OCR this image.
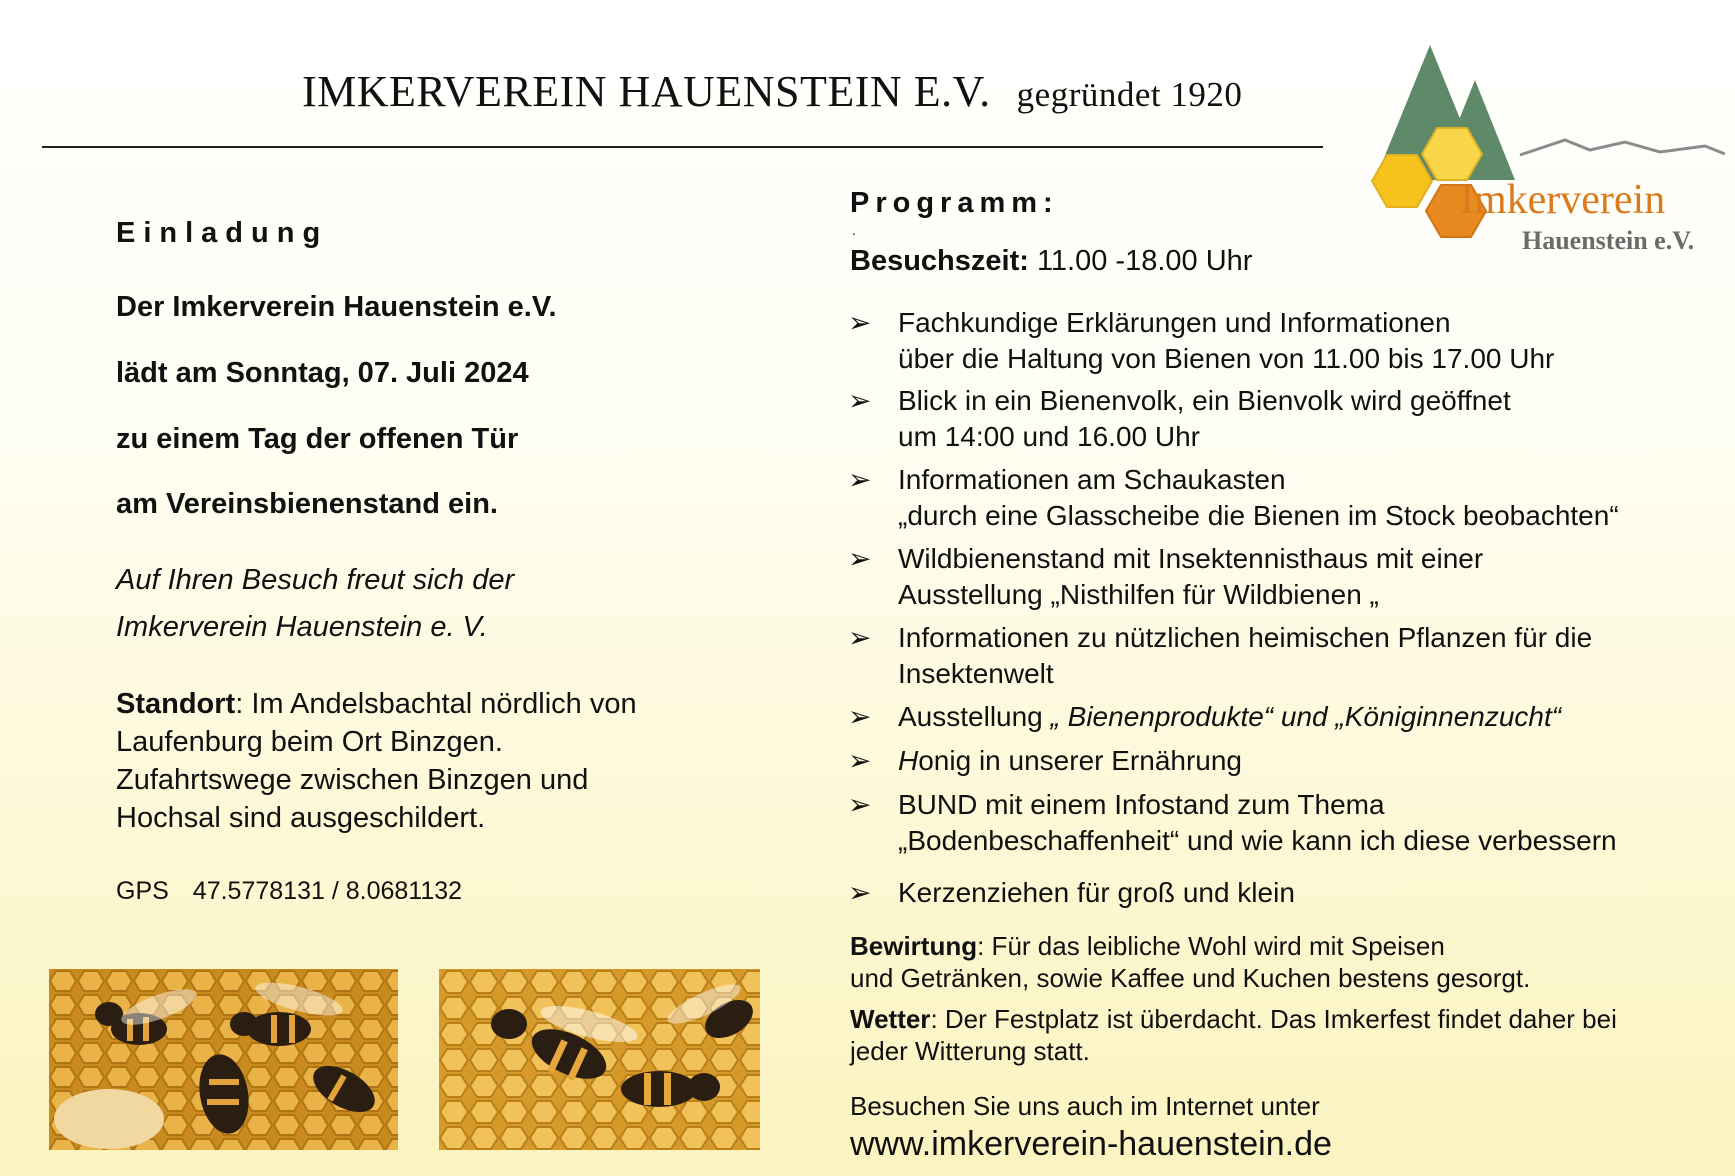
IMKERVEREIN HAUENSTEIN E.V. gegründet 1920
Imkerverein
Hauenstein e.V.
Einladung
Der Imkerverein Hauenstein e.V.
lädt am Sonntag, 07. Juli 2024
zu einem Tag der offenen Tür
am Vereinsbienenstand ein.
Auf Ihren Besuch freut sich der
Imkerverein Hauenstein e. V.
Standort: Im Andelsbachtal nördlich von
Laufenburg beim Ort Binzgen.
Zufahrtswege zwischen Binzgen und
Hochsal sind ausgeschildert.
GPS 47.5778131 / 8.0681132
Programm:
.
Besuchszeit: 11.00 -18.00 Uhr
➢ Fachkundige Erklärungen und Informationen
über die Haltung von Bienen von 11.00 bis 17.00 Uhr
➢ Blick in ein Bienenvolk, ein Bienvolk wird geöffnet
um 14:00 und 16.00 Uhr
➢ Informationen am Schaukasten
„durch eine Glasscheibe die Bienen im Stock beobachten“
➢ Wildbienenstand mit Insektennisthaus mit einer
Ausstellung „Nisthilfen für Wildbienen „
➢ Informationen zu nützlichen heimischen Pflanzen für die
Insektenwelt
➢ Ausstellung „ Bienenprodukte“ und „Königinnenzucht“
➢ Honig in unserer Ernährung
➢ BUND mit einem Infostand zum Thema
„Bodenbeschaffenheit“ und wie kann ich diese verbessern
➢ Kerzenziehen für groß und klein
Bewirtung: Für das leibliche Wohl wird mit Speisen
und Getränken, sowie Kaffee und Kuchen bestens gesorgt.
Wetter: Der Festplatz ist überdacht. Das Imkerfest findet daher bei
jeder Witterung statt.
Besuchen Sie uns auch im Internet unter
www.imkerverein-hauenstein.de
